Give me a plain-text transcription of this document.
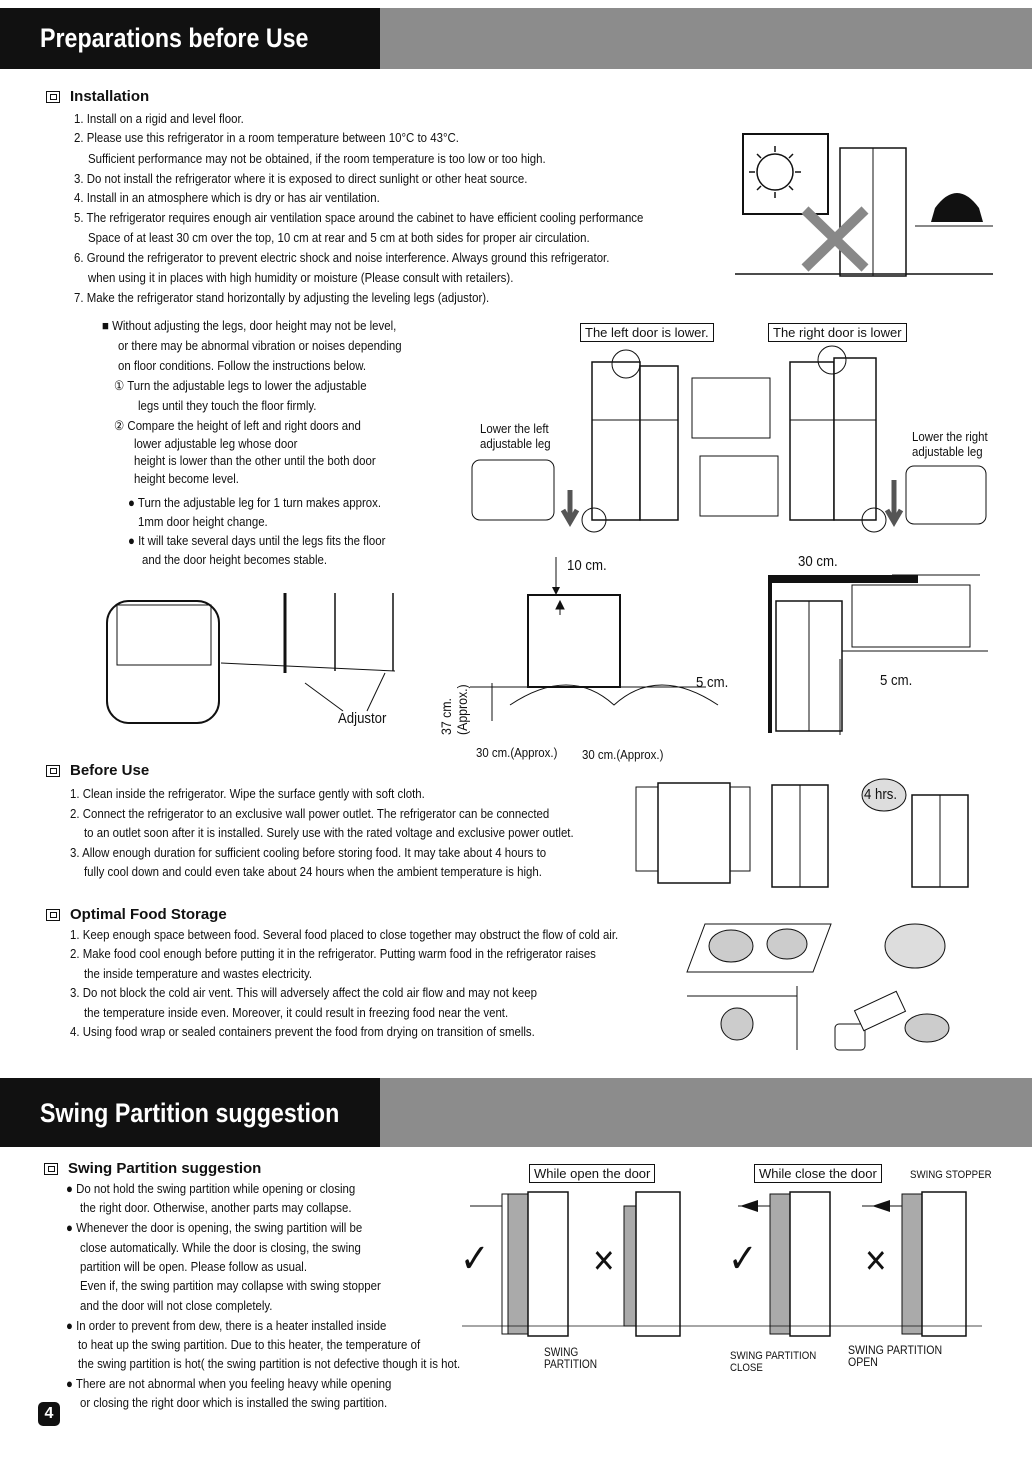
Preparations before Use
Installation
1. Install on a rigid and level floor.
2. Please use this refrigerator in a room temperature between 10°C to 43°C.
Sufficient performance may not be obtained, if the room temperature is too low or too high.
3. Do not install the refrigerator where it is exposed to direct sunlight or other heat source.
4. Install in an atmosphere which is dry or has air ventilation.
5. The refrigerator requires enough air ventilation space around the cabinet to have efficient cooling performance
Space of at least 30 cm over the top, 10 cm at rear and 5 cm at both sides for proper air circulation.
6. Ground the refrigerator to prevent electric shock and noise interference. Always ground this refrigerator.
when using it in places with high humidity or moisture (Please consult with retailers).
7. Make the refrigerator stand horizontally by adjusting the leveling legs (adjustor).
■ Without adjusting the legs, door height may not be level,
or there may be abnormal vibration or noises depending
on floor conditions. Follow the instructions below.
① Turn the adjustable legs to lower the adjustable
legs until they touch the floor firmly.
② Compare the height of left and right doors and
lower adjustable leg whose door
height is lower than the other until the both door
height become level.
● Turn the adjustable leg for 1 turn makes approx.
1mm door height change.
● It will take several days until the legs fits the floor
and the door height becomes stable.
The left door is lower.	The right door is lower
Lower the left
adjustable leg	Lower the right
adjustable leg
Adjustor
10 cm.	30 cm.
5 cm.	5 cm.
37 cm. (Approx.)
30 cm.(Approx.) 30 cm.(Approx.)
Before Use
1. Clean inside the refrigerator. Wipe the surface gently with soft cloth.
2. Connect the refrigerator to an exclusive wall power outlet. The refrigerator can be connected
to an outlet soon after it is installed. Surely use with the rated voltage and exclusive power outlet.
3. Allow enough duration for sufficient cooling before storing food. It may take about 4 hours to
fully cool down and could even take about 24 hours when the ambient temperature is high.
4 hrs.
Optimal Food Storage
1. Keep enough space between food. Several food placed to close together may obstruct the flow of cold air.
2. Make food cool enough before putting it in the refrigerator. Putting warm food in the refrigerator raises
the inside temperature and wastes electricity.
3. Do not block the cold air vent. This will adversely affect the cold air flow and may not keep
the temperature inside even. Moreover, it could result in freezing food near the vent.
4. Using food wrap or sealed containers prevent the food from drying on transition of smells.
Swing Partition suggestion
Swing Partition suggestion
● Do not hold the swing partition while opening or closing
the right door. Otherwise, another parts may collapse.
● Whenever the door is opening, the swing partition will be
close automatically. While the door is closing, the swing
partition will be open. Please follow as usual.
Even if, the swing partition may collapse with swing stopper
and the door will not close completely.
● In order to prevent from dew, there is a heater installed inside
to heat up the swing partition. Due to this heater, the temperature of
the swing partition is hot( the swing partition is not defective though it is hot.
● There are not abnormal when you feeling heavy while opening
or closing the right door which is installed the swing partition.
While open the door	While close the door	SWING STOPPER
✓	✕	✓	✕
SWING
PARTITION
SWING PARTITION
CLOSE
SWING PARTITION
OPEN
4
